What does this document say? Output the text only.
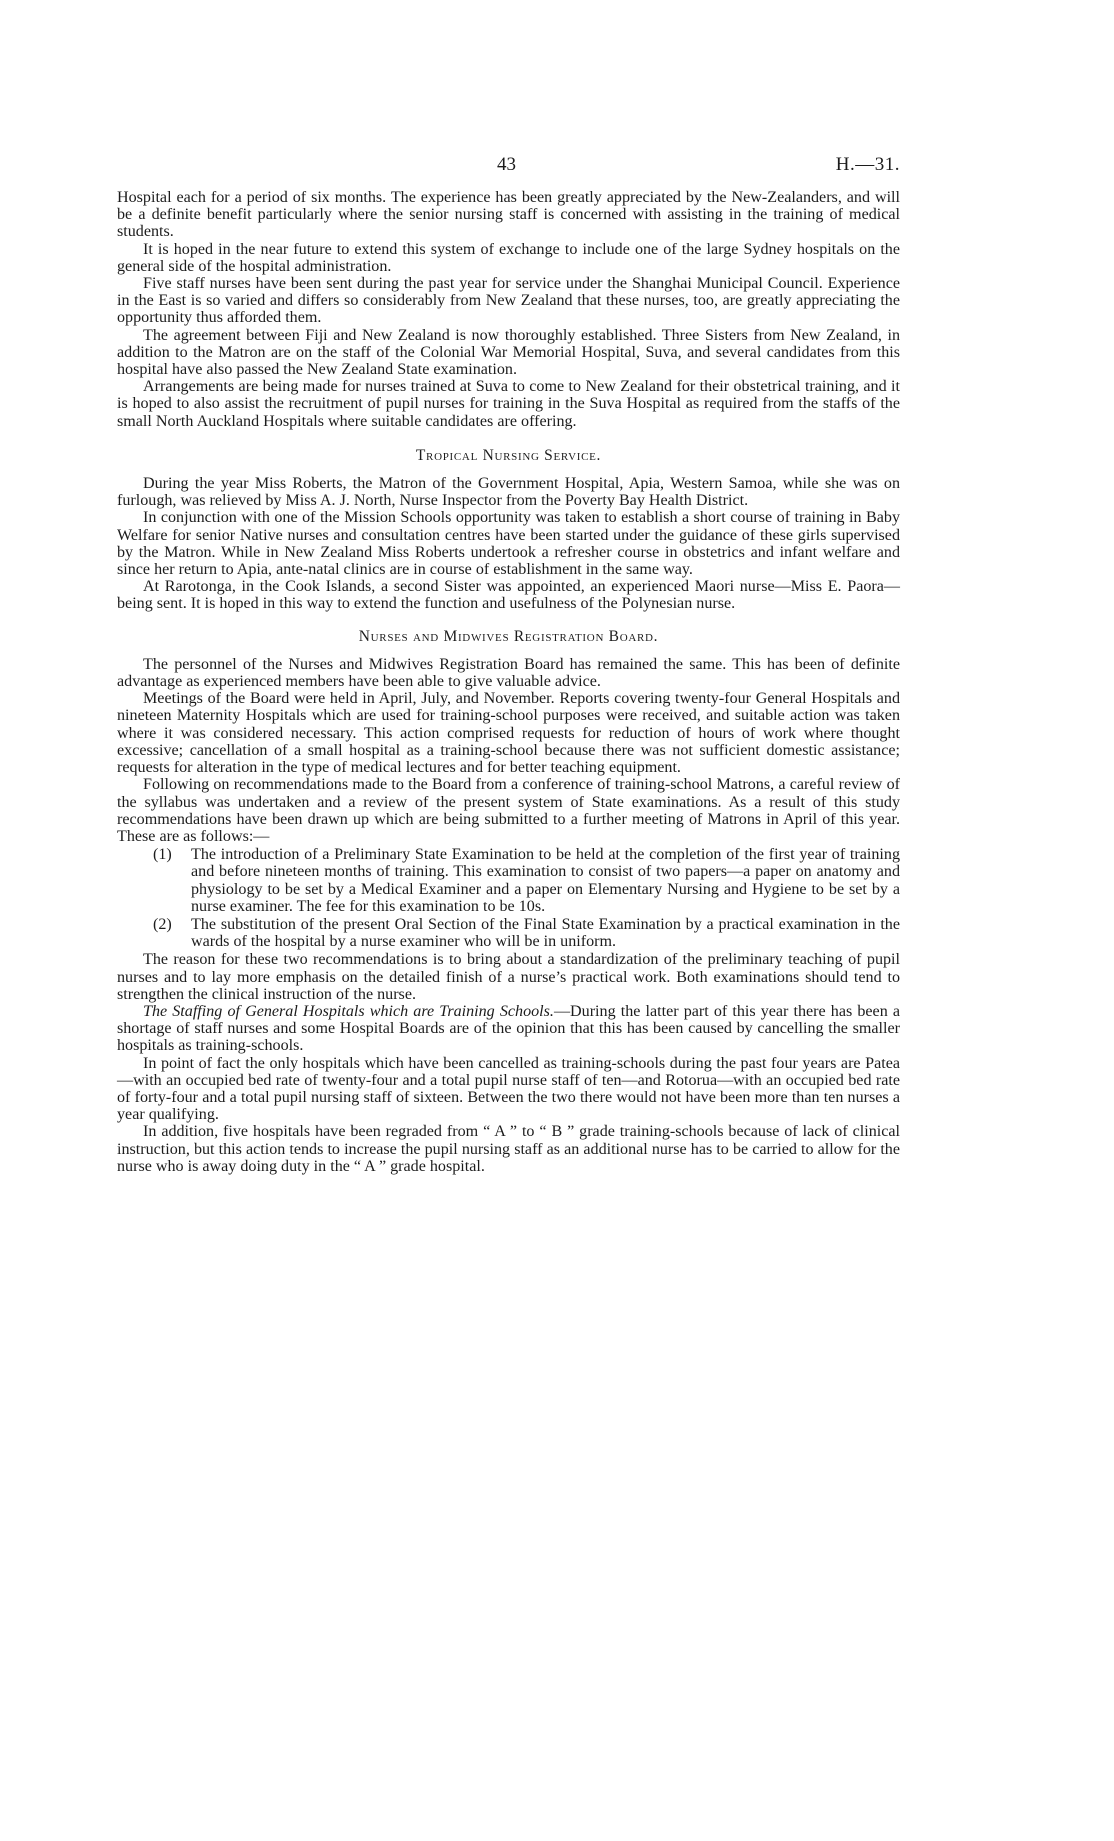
43	H.—31.

Hospital each for a period of six months. The experience has been greatly appreciated by the New-Zealanders, and will be a definite benefit particularly where the senior nursing staff is concerned with assisting in the training of medical students.

It is hoped in the near future to extend this system of exchange to include one of the large Sydney hospitals on the general side of the hospital administration.

Five staff nurses have been sent during the past year for service under the Shanghai Municipal Council. Experience in the East is so varied and differs so considerably from New Zealand that these nurses, too, are greatly appreciating the opportunity thus afforded them.

The agreement between Fiji and New Zealand is now thoroughly established. Three Sisters from New Zealand, in addition to the Matron are on the staff of the Colonial War Memorial Hospital, Suva, and several candidates from this hospital have also passed the New Zealand State examination.

Arrangements are being made for nurses trained at Suva to come to New Zealand for their obstetrical training, and it is hoped to also assist the recruitment of pupil nurses for training in the Suva Hospital as required from the staffs of the small North Auckland Hospitals where suitable candidates are offering.

Tropical Nursing Service.

During the year Miss Roberts, the Matron of the Government Hospital, Apia, Western Samoa, while she was on furlough, was relieved by Miss A. J. North, Nurse Inspector from the Poverty Bay Health District.

In conjunction with one of the Mission Schools opportunity was taken to establish a short course of training in Baby Welfare for senior Native nurses and consultation centres have been started under the guidance of these girls supervised by the Matron. While in New Zealand Miss Roberts undertook a refresher course in obstetrics and infant welfare and since her return to Apia, ante-natal clinics are in course of establishment in the same way.

At Rarotonga, in the Cook Islands, a second Sister was appointed, an experienced Maori nurse—Miss E. Paora—being sent. It is hoped in this way to extend the function and usefulness of the Polynesian nurse.

Nurses and Midwives Registration Board.

The personnel of the Nurses and Midwives Registration Board has remained the same. This has been of definite advantage as experienced members have been able to give valuable advice.

Meetings of the Board were held in April, July, and November. Reports covering twenty-four General Hospitals and nineteen Maternity Hospitals which are used for training-school purposes were received, and suitable action was taken where it was considered necessary. This action comprised requests for reduction of hours of work where thought excessive; cancellation of a small hospital as a training-school because there was not sufficient domestic assistance; requests for alteration in the type of medical lectures and for better teaching equipment.

Following on recommendations made to the Board from a conference of training-school Matrons, a careful review of the syllabus was undertaken and a review of the present system of State examinations. As a result of this study recommendations have been drawn up which are being submitted to a further meeting of Matrons in April of this year. These are as follows:—

(1)	The introduction of a Preliminary State Examination to be held at the completion of the first year of training and before nineteen months of training. This examination to consist of two papers—a paper on anatomy and physiology to be set by a Medical Examiner and a paper on Elementary Nursing and Hygiene to be set by a nurse examiner. The fee for this examination to be 10s.
(2)	The substitution of the present Oral Section of the Final State Examination by a practical examination in the wards of the hospital by a nurse examiner who will be in uniform.

The reason for these two recommendations is to bring about a standardization of the preliminary teaching of pupil nurses and to lay more emphasis on the detailed finish of a nurse’s practical work. Both examinations should tend to strengthen the clinical instruction of the nurse.

The Staffing of General Hospitals which are Training Schools.—During the latter part of this year there has been a shortage of staff nurses and some Hospital Boards are of the opinion that this has been caused by cancelling the smaller hospitals as training-schools.

In point of fact the only hospitals which have been cancelled as training-schools during the past four years are Patea—with an occupied bed rate of twenty-four and a total pupil nurse staff of ten—and Rotorua—with an occupied bed rate of forty-four and a total pupil nursing staff of sixteen. Between the two there would not have been more than ten nurses a year qualifying.

In addition, five hospitals have been regraded from “ A ” to “ B ” grade training-schools because of lack of clinical instruction, but this action tends to increase the pupil nursing staff as an additional nurse has to be carried to allow for the nurse who is away doing duty in the “ A ” grade hospital.
